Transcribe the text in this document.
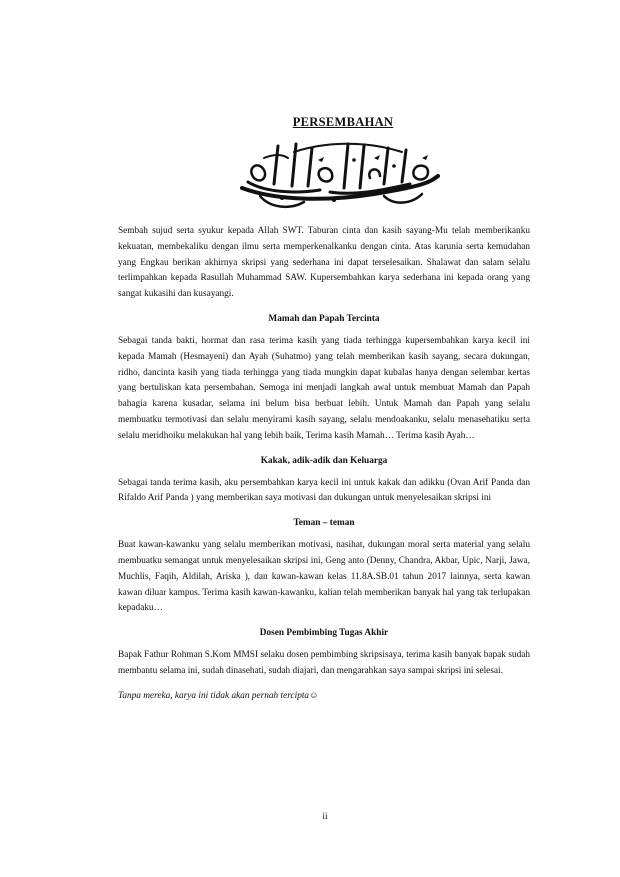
PERSEMBAHAN

Sembah sujud serta syukur kepada Allah SWT. Taburan cinta dan kasih sayang-Mu telah memberikanku kekuatan, membekaliku dengan ilmu serta memperkenalkanku dengan cinta. Atas karunia serta kemudahan yang Engkau berikan akhirnya skripsi yang sederhana ini dapat terselesaikan. Shalawat dan salam selalu terlimpahkan kepada Rasullah Muhammad SAW. Kupersembahkan karya sederhana ini kepada orang yang sangat kukasihi dan kusayangi.

Mamah dan Papah Tercinta

Sebagai tanda bakti, hormat dan rasa terima kasih yang tiada terhingga kupersembahkan karya kecil ini kepada Mamah (Hesmayeni) dan Ayah (Suhatmo) yang telah memberikan kasih sayang, secara dukungan, ridho, dancinta kasih yang tiada terhingga yang tiada mungkin dapat kubalas hanya dengan selembar kertas yang bertuliskan kata persembahan. Semoga ini menjadi langkah awal untuk membuat Mamah dan Papah bahagia karena kusadar, selama ini belum bisa berbuat lebih. Untuk Mamah dan Papah yang selalu membuatku termotivasi dan selalu menyirami kasih sayang, selalu mendoakanku, selalu menasehatiku serta selalu meridhoiku melakukan hal yang lebih baik, Terima kasih Mamah… Terima kasih Ayah…

Kakak, adik-adik dan Keluarga

Sebagai tanda terima kasih, aku persembahkan karya kecil ini untuk kakak dan adikku (Ovan Arif Panda dan Rifaldo Arif Panda ) yang memberikan saya motivasi dan dukungan untuk menyelesaikan skripsi ini

Teman – teman

Buat kawan-kawanku yang selalu memberikan motivasi, nasihat, dukungan moral serta material yang selalu membuatku semangat untuk menyelesaikan skripsi ini, Geng anto (Denny, Chandra, Akbar, Upic, Narji, Jawa, Muchlis, Faqih, Aldilah, Ariska ), dan kawan-kawan kelas 11.8A.SB.01 tahun 2017 lainnya, serta kawan kawan diluar kampus. Terima kasih kawan-kawanku, kalian telah memberikan banyak hal yang tak terlupakan kepadaku…

Dosen Pembimbing Tugas Akhir

Bapak Fathur Rohman S.Kom MMSI selaku dosen pembimbing skripsisaya, terima kasih banyak bapak sudah membantu selama ini, sudah dinasehati, sudah diajari, dan mengarahkan saya sampai skripsi ini selesai.

Tanpa mereka, karya ini tidak akan pernah tercipta☺

ii
